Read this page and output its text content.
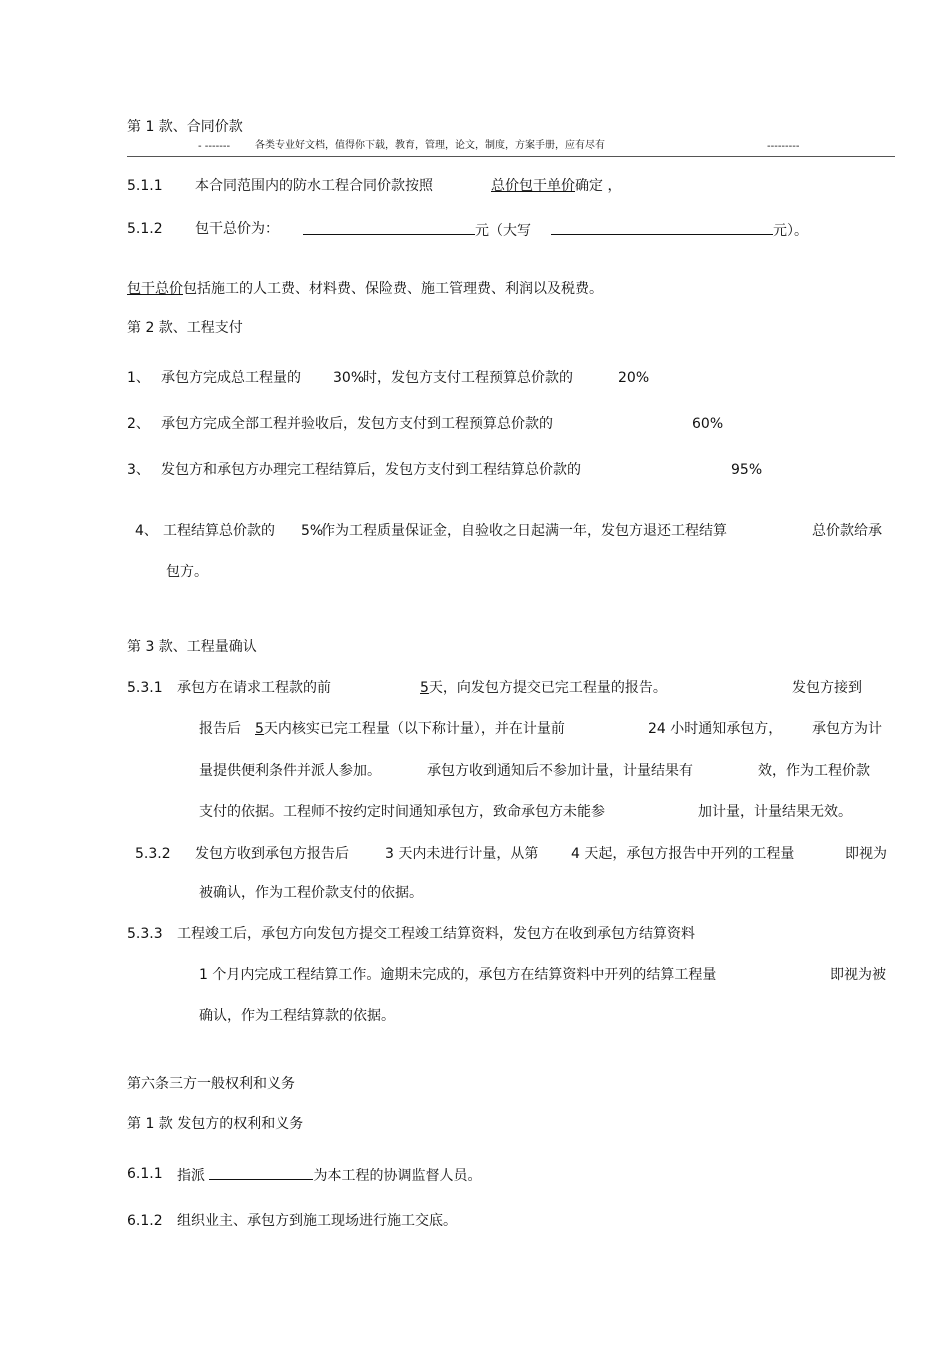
第 1 款、合同价款
- ------- 各类专业好文档，值得你下载，教育，管理，论文，制度，方案手册，应有尽有	---------
5.1.1 本合同范围内的防水工程合同价款按照	总价包干单价确定 ，
5.1.2 包干总价为：	元（大写	元）。
包干总价包括施工的人工费、材料费、保险费、施工管理费、利润以及税费。
第 2 款、工程支付
1、 承包方完成总工程量的 30%
时，发包方支付工程预算总价款的	20%
2、 承包方完成全部工程并验收后，发包方支付到工程预算总价款的	60%
3、 发包方和承包方办理完工程结算后，发包方支付到工程结算总价款的	95%
4、 工程结算总价款的 5%
作为工程质量保证金，自验收之日起满一年，发包方退还工程结算	总价款给承
包方。
第 3 款、工程量确认
5.3.1 承包方在请求工程款的前	5天，向发包方提交已完工程量的报告。	发包方接到
报告后 5天内核实已完工程量（以下称计量），并在计量前	24 小时通知承包方， 承包方为计
量提供便利条件并派人参加。	承包方收到通知后不参加计量，计量结果有	效，作为工程价款
支付的依据。工程师不按约定时间通知承包方，致命承包方未能参	加计量，计量结果无效。
5.3.2 发包方收到承包方报告后	3 天内未进行计量，从第 4 天起，承包方报告中开列的工程量	即视为
被确认，作为工程价款支付的依据。
5.3.3 工程竣工后，承包方向发包方提交工程竣工结算资料，发包方在收到承包方结算资料
1 个月内完成工程结算工作。逾期未完成的，承包方在结算资料中开列的结算工程量	即视为被
确认，作为工程结算款的依据。
第六条三方一般权利和义务
第 1 款 发包方的权利和义务
6.1.1 指派	为本工程的协调监督人员。
6.1.2 组织业主、承包方到施工现场进行施工交底。
